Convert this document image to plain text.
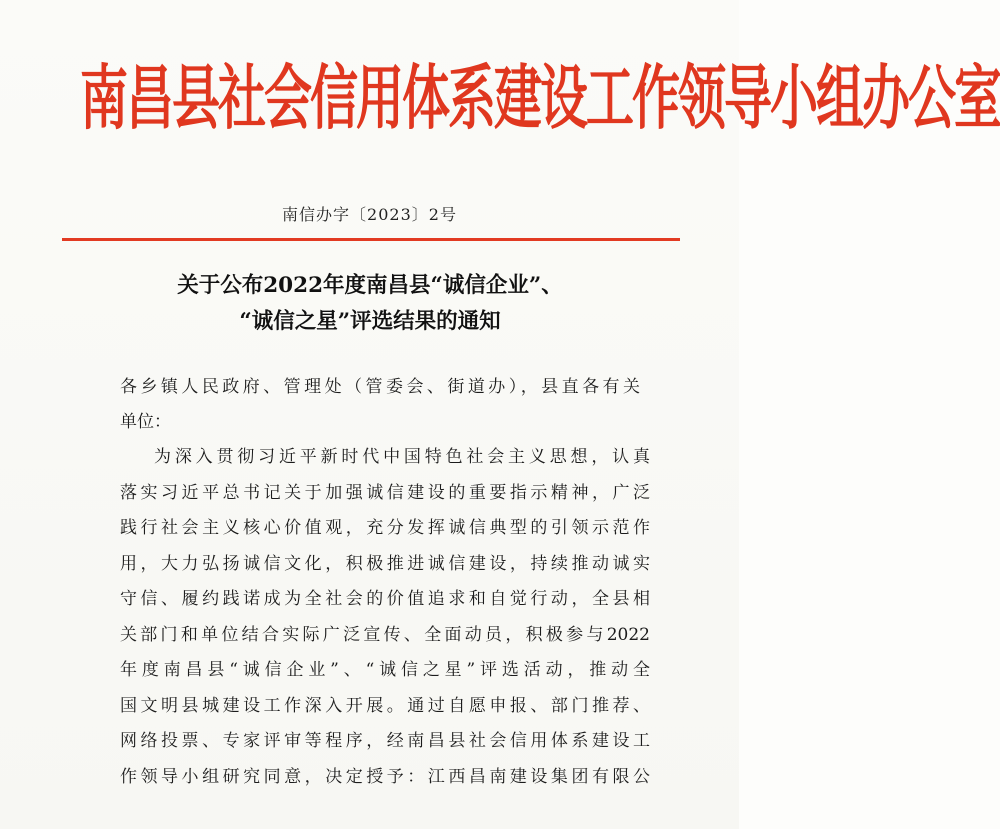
南昌县社会信用体系建设工作领导小组办公室
南信办字〔2023〕2号
关于公布2022年度南昌县“诚信企业”、
“诚信之星”评选结果的通知
各乡镇人民政府、管理处（管委会、街道办），县直各有关
单位：
为深入贯彻习近平新时代中国特色社会主义思想，认真
落实习近平总书记关于加强诚信建设的重要指示精神，广泛
践行社会主义核心价值观，充分发挥诚信典型的引领示范作
用，大力弘扬诚信文化，积极推进诚信建设，持续推动诚实
守信、履约践诺成为全社会的价值追求和自觉行动，全县相
关部门和单位结合实际广泛宣传、全面动员，积极参与2022
年度南昌县“诚信企业”、“诚信之星”评选活动，推动全
国文明县城建设工作深入开展。通过自愿申报、部门推荐、
网络投票、专家评审等程序，经南昌县社会信用体系建设工
作领导小组研究同意，决定授予：江西昌南建设集团有限公
